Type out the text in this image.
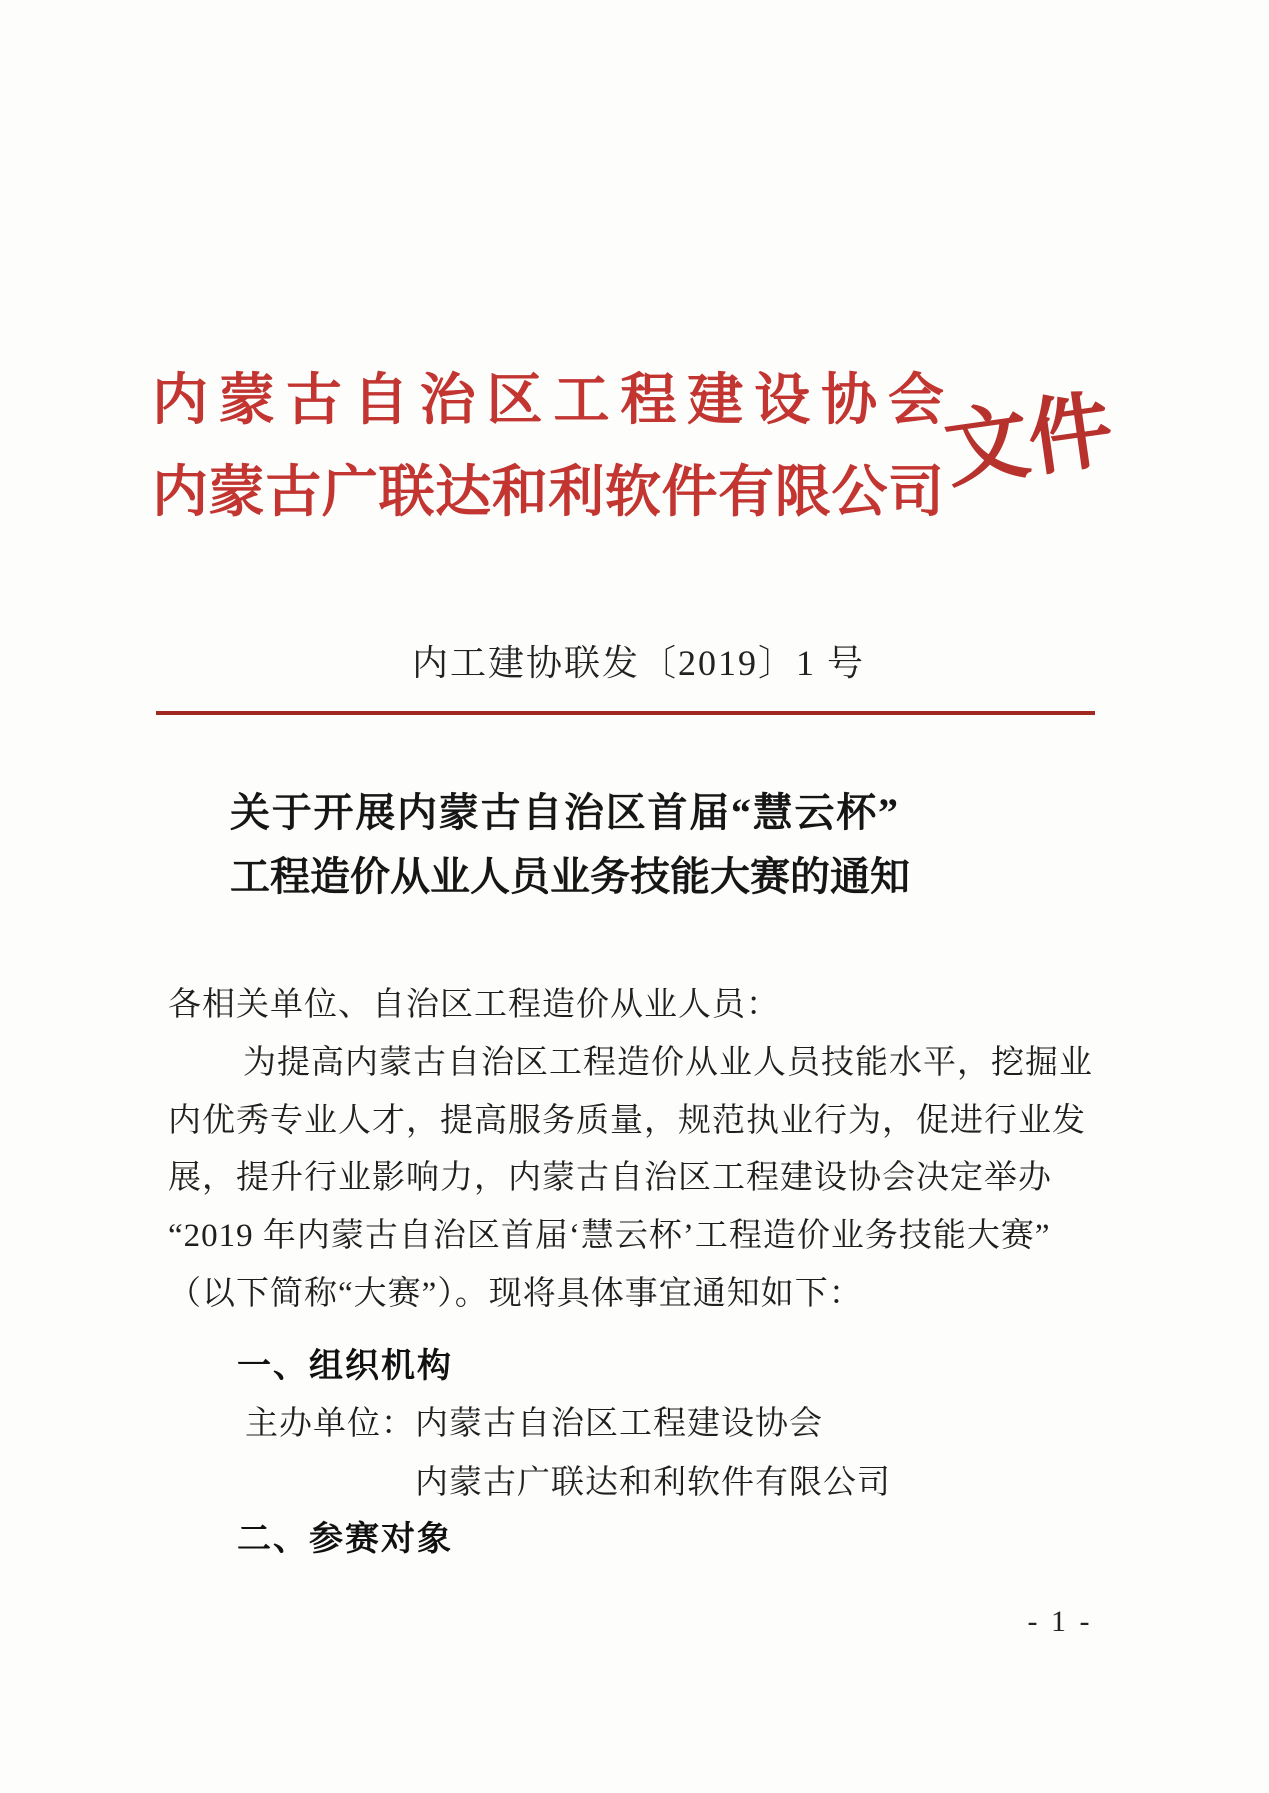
内蒙古自治区工程建设协会
内蒙古广联达和利软件有限公司
文件
内工建协联发〔2019〕1 号
关于开展内蒙古自治区首届“慧云杯”
工程造价从业人员业务技能大赛的通知
各相关单位、自治区工程造价从业人员：
为提高内蒙古自治区工程造价从业人员技能水平，挖掘业
内优秀专业人才，提高服务质量，规范执业行为，促进行业发
展，提升行业影响力，内蒙古自治区工程建设协会决定举办
“2019 年内蒙古自治区首届‘慧云杯’工程造价业务技能大赛”
（以下简称“大赛”）。现将具体事宜通知如下：
一、组织机构
主办单位：内蒙古自治区工程建设协会
内蒙古广联达和利软件有限公司
二、参赛对象
- 1 -
